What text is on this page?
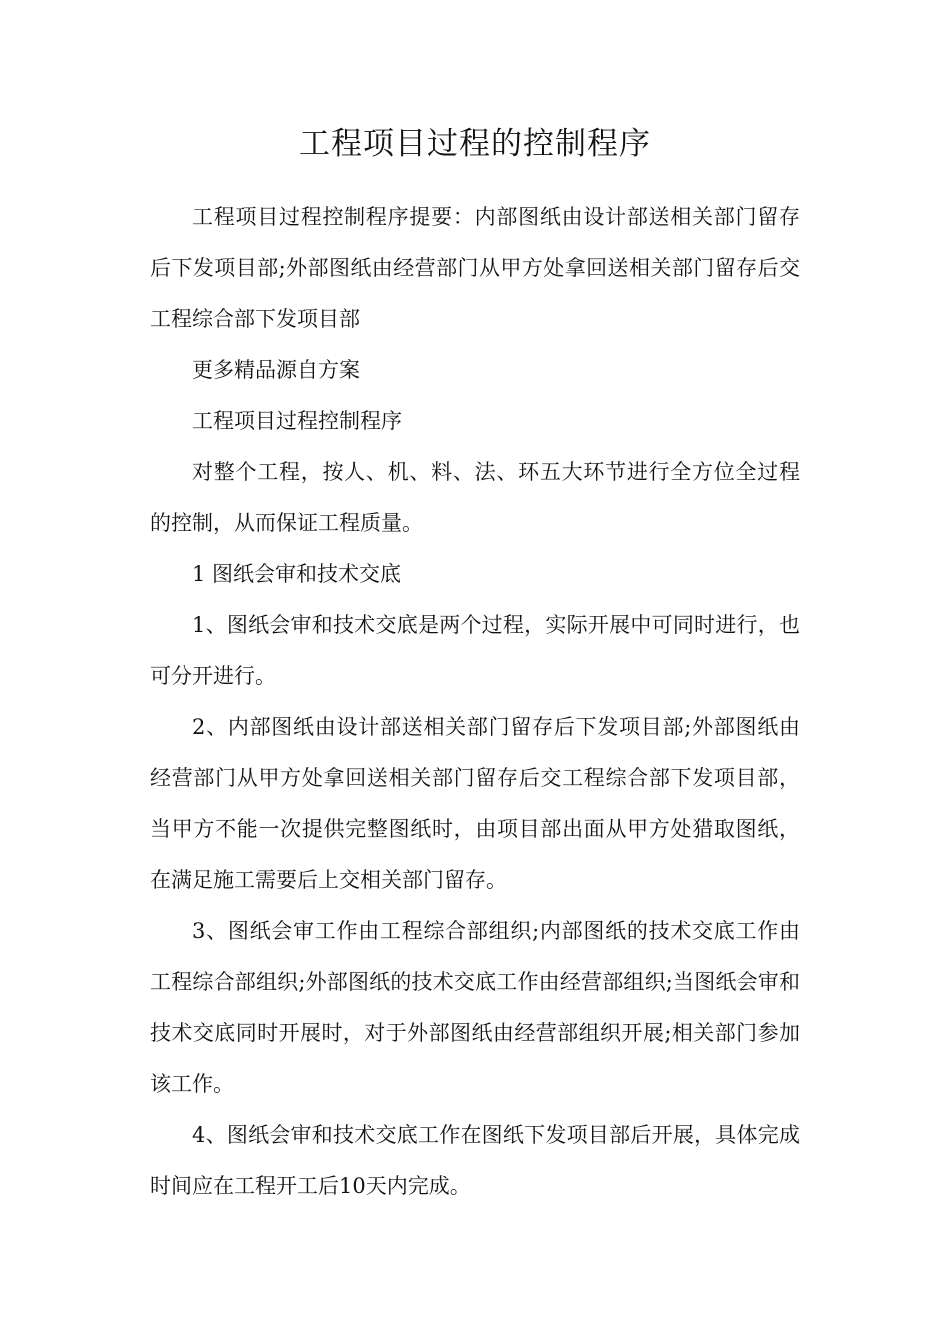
工程项目过程的控制程序

工程项目过程控制程序提要：内部图纸由设计部送相关部门留存后下发项目部;外部图纸由经营部门从甲方处拿回送相关部门留存后交工程综合部下发项目部

更多精品源自方案

工程项目过程控制程序

对整个工程，按人、机、料、法、环五大环节进行全方位全过程的控制，从而保证工程质量。

1 图纸会审和技术交底

1、图纸会审和技术交底是两个过程，实际开展中可同时进行，也可分开进行。

2、内部图纸由设计部送相关部门留存后下发项目部;外部图纸由经营部门从甲方处拿回送相关部门留存后交工程综合部下发项目部，当甲方不能一次提供完整图纸时，由项目部出面从甲方处猎取图纸，在满足施工需要后上交相关部门留存。

3、图纸会审工作由工程综合部组织;内部图纸的技术交底工作由工程综合部组织;外部图纸的技术交底工作由经营部组织;当图纸会审和技术交底同时开展时，对于外部图纸由经营部组织开展;相关部门参加该工作。

4、图纸会审和技术交底工作在图纸下发项目部后开展，具体完成时间应在工程开工后10天内完成。
